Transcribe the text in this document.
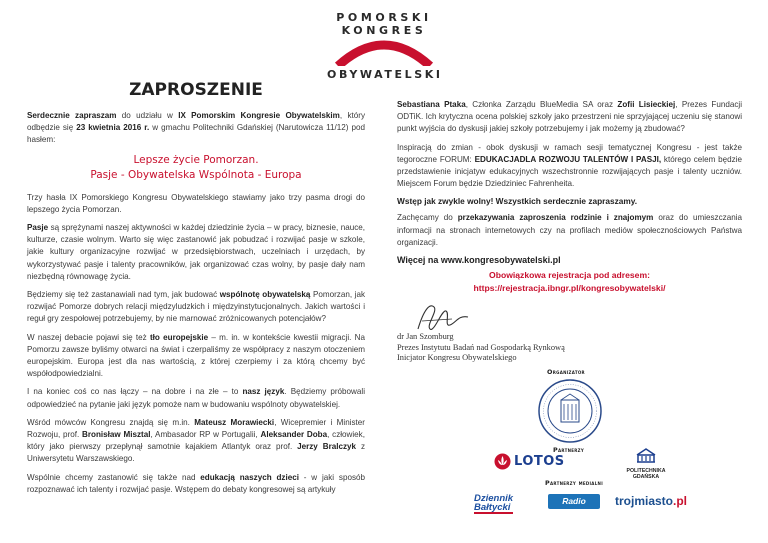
POMORSKI
KONGRES
OBYWATELSKI
ZAPROSZENIE
Serdecznie zapraszam do udziału w IX Pomorskim Kongresie Obywatelskim, który odbędzie się 23 kwietnia 2016 r. w gmachu Politechniki Gdańskiej (Narutowicza 11/12) pod hasłem:
Lepsze życie Pomorzan.
Pasje - Obywatelska Wspólnota - Europa
Trzy hasła IX Pomorskiego Kongresu Obywatelskiego stawiamy jako trzy pasma drogi do lepszego życia Pomorzan.
Pasje są sprężynami naszej aktywności w każdej dziedzinie życia – w pracy, biznesie, nauce, kulturze, czasie wolnym. Warto się więc zastanowić jak pobudzać i rozwijać pasje w szkole, jakie kultury organizacyjne rozwijać w przedsiębiorstwach, uczelniach i urzędach, by wykorzystywać pasje i talenty pracowników, jak organizować czas wolny, by pasje dały nam niezbędną równowagę życia.
Będziemy się też zastanawiali nad tym, jak budować wspólnotę obywatelską Pomorzan, jak rozwijać Pomorze dobrych relacji międzyludzkich i międzyinstytucjonalnych. Jakich wartości i reguł gry zespołowej potrzebujemy, by nie marnować zróżnicowanych potencjałów?
W naszej debacie pojawi się też tło europejskie – m. in. w kontekście kwestii migracji. Na Pomorzu zawsze byliśmy otwarci na świat i czerpaliśmy ze współpracy z naszym otoczeniem europejskim. Europa jest dla nas wartością, z której czerpiemy i za którą chcemy być współodpowiedzialni.
I na koniec coś co nas łączy – na dobre i na złe – to nasz język. Będziemy próbowali odpowiedzieć na pytanie jaki język pomoże nam w budowaniu wspólnoty obywatelskiej.
Wśród mówców Kongresu znajdą się m.in. Mateusz Morawiecki, Wicepremier i Minister Rozwoju, prof. Bronisław Misztal, Ambasador RP w Portugalii, Aleksander Doba, człowiek, który jako pierwszy przepłynął samotnie kajakiem Atlantyk oraz prof. Jerzy Bralczyk z Uniwersytetu Warszawskiego.
Wspólnie chcemy zastanowić się także nad edukacją naszych dzieci - w jaki sposób rozpoznawać ich talenty i rozwijać pasje. Wstępem do debaty kongresowej są artykuły
Sebastiana Ptaka, Członka Zarządu BlueMedia SA oraz Zofii Lisieckiej, Prezes Fundacji ODTiK. Ich krytyczna ocena polskiej szkoły jako przestrzeni nie sprzyjającej uczeniu się stanowi punkt wyjścia do dyskusji jakiej szkoły potrzebujemy i jak możemy ją zbudować?
Inspiracją do zmian - obok dyskusji w ramach sesji tematycznej Kongresu - jest także tegoroczne FORUM: EDUKACJADLA ROZWOJU TALENTÓW I PASJI, którego celem będzie przedstawienie inicjatyw edukacyjnych wszechstronnie rozwijających pasje i talenty uczniów. Miejscem Forum będzie Dziedziniec Fahrenheita.
Wstęp jak zwykle wolny! Wszystkich serdecznie zapraszamy.
Zachęcamy do przekazywania zaproszenia rodzinie i znajomym oraz do umieszczania informacji na stronach internetowych czy na profilach mediów społecznościowych Państwa organizacji.
Więcej na www.kongresobywatelski.pl
Obowiązkowa rejestracja pod adresem:
https://rejestracja.ibngr.pl/kongresobywatelski/
dr Jan Szomburg
Prezes Instytutu Badań nad Gospodarką Rynkową
Inicjator Kongresu Obywatelskiego
Organizator
Partnerzy
LOTOS
POLITECHNIKA
GDAŃSKA
Partnerzy medialni
Dziennik
Bałtycki
Radio Gdańsk
trojmiasto.pl
